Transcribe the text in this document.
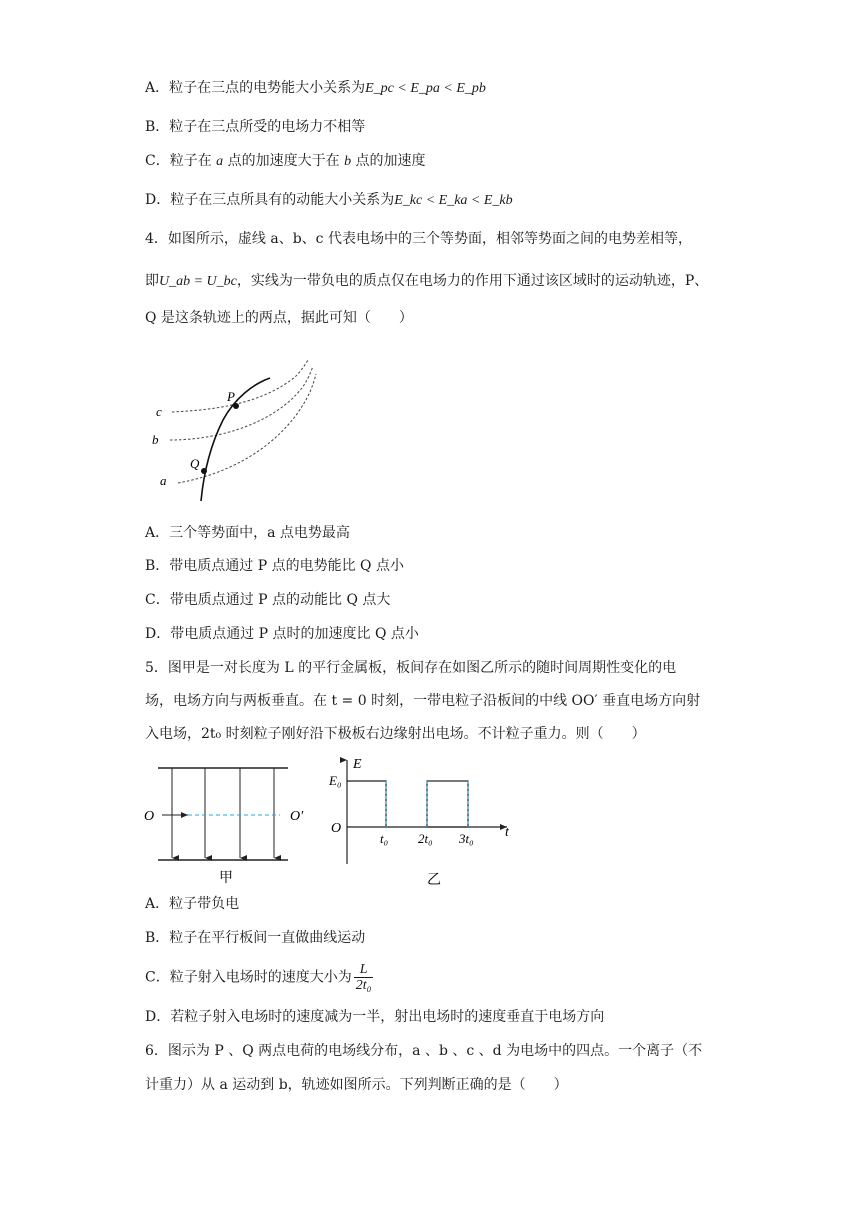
A．粒子在三点的电势能大小关系为E_pc < E_pa < E_pb
B．粒子在三点所受的电场力不相等
C．粒子在 a 点的加速度大于在 b 点的加速度
D．粒子在三点所具有的动能大小关系为E_kc < E_ka < E_kb
4．如图所示，虚线 a、b、c 代表电场中的三个等势面，相邻等势面之间的电势差相等，
即U_ab = U_bc，实线为一带负电的质点仅在电场力的作用下通过该区域时的运动轨迹，P、
Q 是这条轨迹上的两点，据此可知（　　）
c
b
a
P
Q
A．三个等势面中，a 点电势最高
B．带电质点通过 P 点的电势能比 Q 点小
C．带电质点通过 P 点的动能比 Q 点大
D．带电质点通过 P 点时的加速度比 Q 点小
5．图甲是一对长度为 L 的平行金属板，板间存在如图乙所示的随时间周期性变化的电
场，电场方向与两板垂直。在 t = 0 时刻，一带电粒子沿板间的中线 OO′ 垂直电场方向射
入电场，2t₀ 时刻粒子刚好沿下极板右边缘射出电场。不计粒子重力。则（　　）
O	O′
甲
E
E₀
O
t₀ 2t₀ 3t₀ t
乙
A．粒子带负电
B．粒子在平行板间一直做曲线运动
C．粒子射入电场时的速度大小为 $\frac{L}{\text{2t₀}}$
D．若粒子射入电场时的速度减为一半，射出电场时的速度垂直于电场方向
6．图示为 P 、Q 两点电荷的电场线分布，a 、b 、c 、d 为电场中的四点。一个离子（不
计重力）从 a 运动到 b，轨迹如图所示。下列判断正确的是（　　）
